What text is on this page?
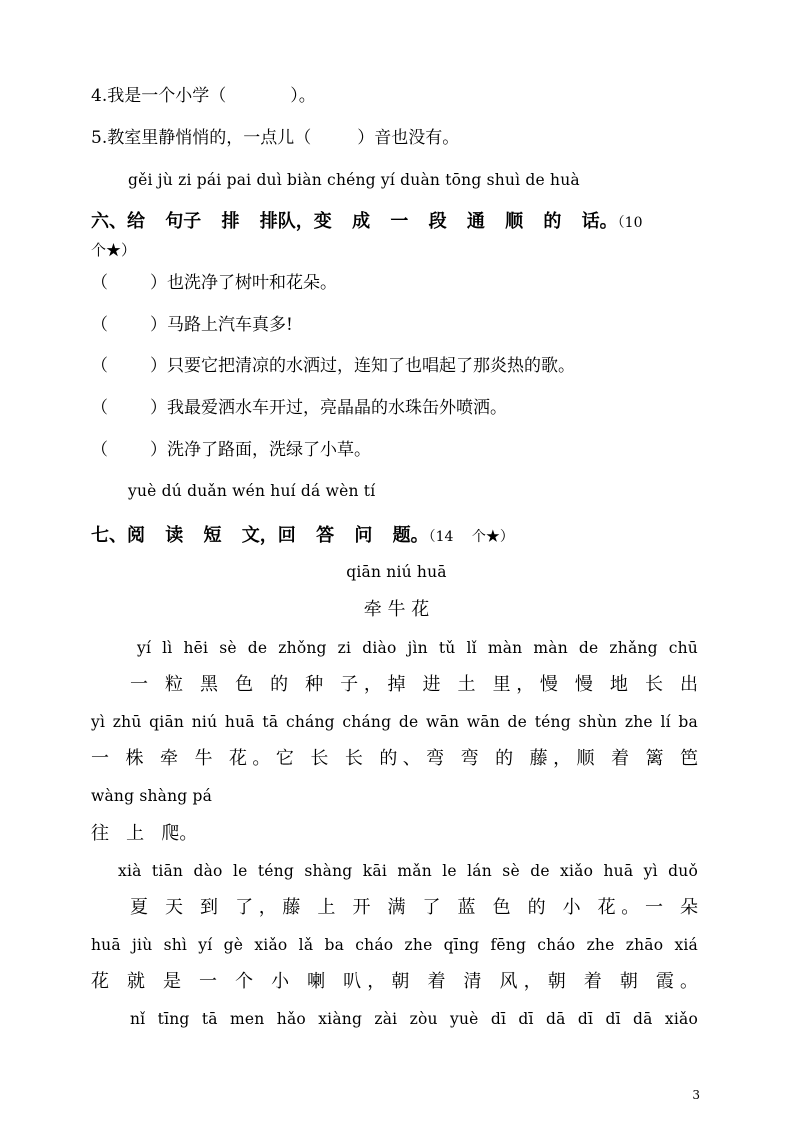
4.我是一个小学（	）。
5.教室里静悄悄的，一点儿（	）音也没有。
gěi jù zi pái pai duì biàn chéng yí duàn tōng shuì de huà
六、给 句子 排 排队，变 成 一 段 通 顺 的 话。（10
个★）
（ ）也洗净了树叶和花朵。
（ ）马路上汽车真多!
（ ）只要它把清凉的水洒过，连知了也唱起了那炎热的歌。
（ ）我最爱洒水车开过，亮晶晶的水珠缶外喷洒。
（ ）洗净了路面，洗绿了小草。
yuè dú duǎn wén huí dá wèn tí
七、阅 读 短 文，回 答 问 题。（14 个★）
qiān niú huā
牵 牛 花
yí lì hēi sè de zhǒng zi diào jìn tǔ lǐ màn màn de zhǎng chū
一 粒 黑 色 的 种 子，掉 进 土 里，慢 慢 地 长 出
yì zhū qiān niú huā tā cháng cháng de wān wān de téng shùn zhe lí ba
一 株 牵 牛 花。它 长 长 的、弯 弯 的 藤，顺 着 篱 笆
wàng shàng pá
往   上   爬。
xià tiān dào le téng shàng kāi mǎn le lán sè de xiǎo huā yì duǒ
夏 天 到 了，藤 上 开 满 了 蓝 色 的 小 花。一 朵
huā jiù shì yí gè xiǎo lǎ ba cháo zhe qīng fēng cháo zhe zhāo xiá
花 就 是 一 个 小 喇 叭，朝 着 清 风，朝 着 朝 霞。
nǐ tīng tā men hǎo xiàng zài zòu yuè dī dī dā dī dī dā xiǎo
3
